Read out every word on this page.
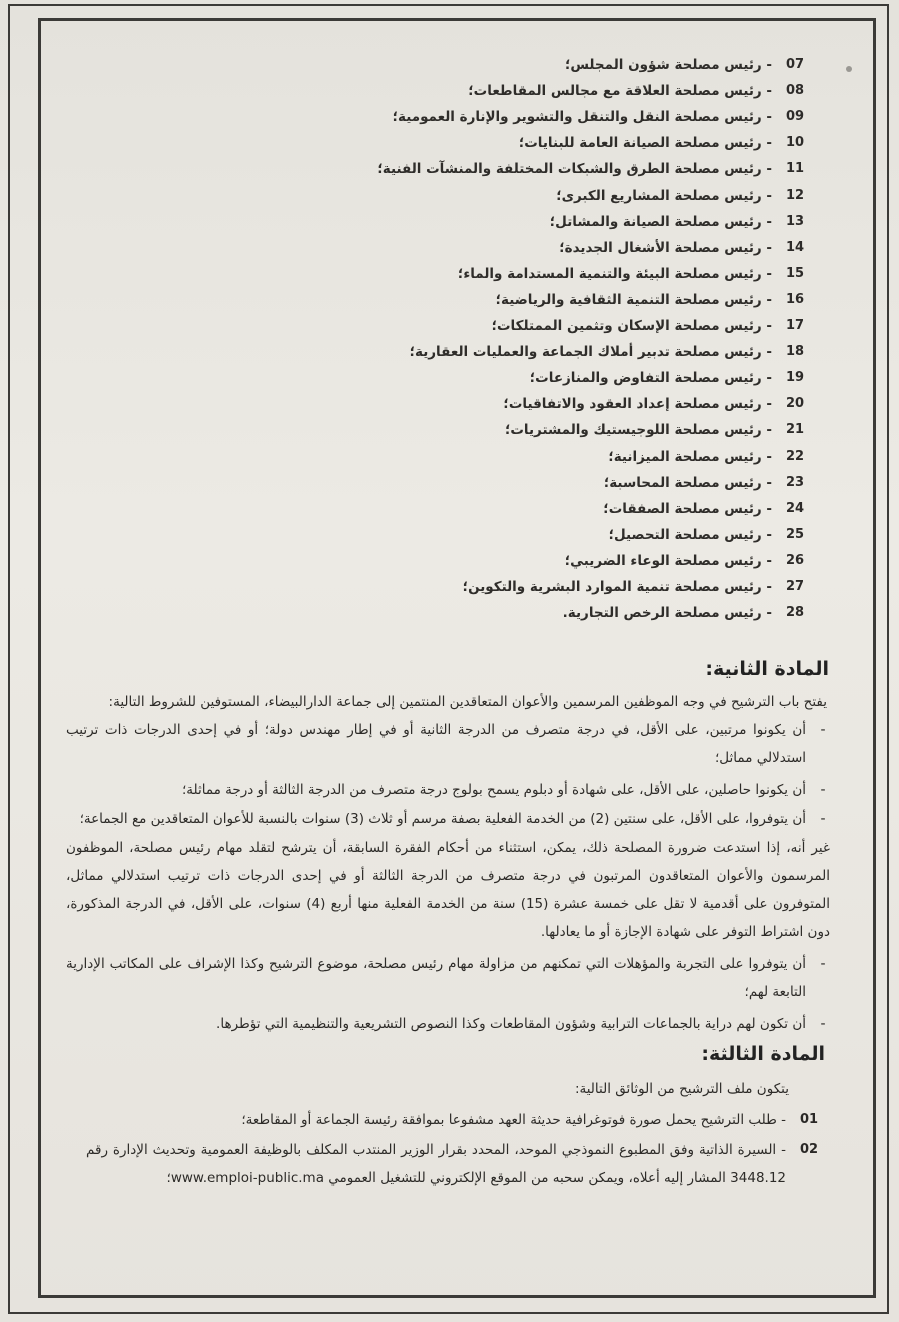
07
- رئيس مصلحة شؤون المجلس؛
08
- رئيس مصلحة العلاقة مع مجالس المقاطعات؛
09
- رئيس مصلحة النقل والتنقل والتشوير والإنارة العمومية؛
10
- رئيس مصلحة الصيانة العامة للبنايات؛
11
- رئيس مصلحة الطرق والشبكات المختلفة والمنشآت الفنية؛
12
- رئيس مصلحة المشاريع الكبرى؛
13
- رئيس مصلحة الصيانة والمشاتل؛
14
- رئيس مصلحة الأشغال الجديدة؛
15
- رئيس مصلحة البيئة والتنمية المستدامة والماء؛
16
- رئيس مصلحة التنمية الثقافية والرياضية؛
17
- رئيس مصلحة الإسكان وتثمين الممتلكات؛
18
- رئيس مصلحة تدبير أملاك الجماعة والعمليات العقارية؛
19
- رئيس مصلحة التفاوض والمنازعات؛
20
- رئيس مصلحة إعداد العقود والاتفاقيات؛
21
- رئيس مصلحة اللوجيستيك والمشتريات؛
22
- رئيس مصلحة الميزانية؛
23
- رئيس مصلحة المحاسبة؛
24
- رئيس مصلحة الصفقات؛
25
- رئيس مصلحة التحصيل؛
26
- رئيس مصلحة الوعاء الضريبي؛
27
- رئيس مصلحة تنمية الموارد البشرية والتكوين؛
28
- رئيس مصلحة الرخص التجارية.
المادة الثانية:
يفتح باب الترشيح في وجه الموظفين المرسمين والأعوان المتعاقدين المنتمين إلى جماعة الدارالبيضاء، المستوفين للشروط التالية:
-
أن يكونوا مرتبين، على الأقل، في درجة متصرف من الدرجة الثانية أو في إطار مهندس دولة؛ أو في إحدى الدرجات ذات ترتيب استدلالي مماثل؛
-
أن يكونوا حاصلين، على الأقل، على شهادة أو دبلوم يسمح بولوج درجة متصرف من الدرجة الثالثة أو درجة مماثلة؛
-
أن يتوفروا، على الأقل، على سنتين (2) من الخدمة الفعلية بصفة مرسم أو ثلاث (3) سنوات بالنسبة للأعوان المتعاقدين مع الجماعة؛
غير أنه، إذا استدعت ضرورة المصلحة ذلك، يمكن، استثناء من أحكام الفقرة السابقة، أن يترشح لتقلد مهام رئيس مصلحة، الموظفون المرسمون والأعوان المتعاقدون المرتبون في درجة متصرف من الدرجة الثالثة أو في إحدى الدرجات ذات ترتيب استدلالي مماثل، المتوفرون على أقدمية لا تقل على خمسة عشرة (15) سنة من الخدمة الفعلية منها أربع (4) سنوات، على الأقل، في الدرجة المذكورة، دون اشتراط التوفر على شهادة الإجازة أو ما يعادلها.
-
أن يتوفروا على التجربة والمؤهلات التي تمكنهم من مزاولة مهام رئيس مصلحة، موضوع الترشيح وكذا الإشراف على المكاتب الإدارية التابعة لهم؛
-
أن تكون لهم دراية بالجماعات الترابية وشؤون المقاطعات وكذا النصوص التشريعية والتنظيمية التي تؤطرها.
المادة الثالثة:
يتكون ملف الترشيح من الوثائق التالية:
01
- طلب الترشيح يحمل صورة فوتوغرافية حديثة العهد مشفوعا بموافقة رئيسة الجماعة أو المقاطعة؛
02
- السيرة الذاتية وفق المطبوع النموذجي الموحد، المحدد بقرار الوزير المنتدب المكلف بالوظيفة العمومية وتحديث الإدارة رقم 3448.12 المشار إليه أعلاه، ويمكن سحبه من الموقع الإلكتروني للتشغيل العمومي www.emploi-public.ma؛
